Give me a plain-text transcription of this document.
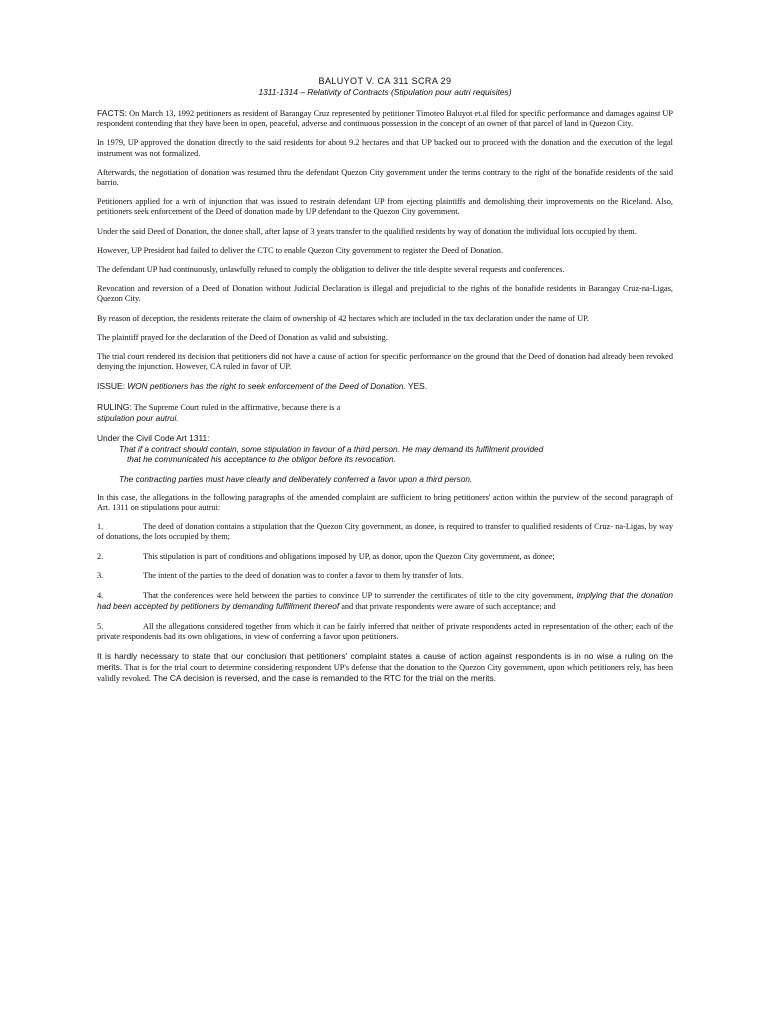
BALUYOT V. CA 311 SCRA 29
1311-1314 – Relativity of Contracts (Stipulation pour autri requisites)

FACTS: On March 13, 1992 petitioners as resident of Barangay Cruz represented by petitioner Timoteo Baluyot et.al filed for specific performance and damages against UP respondent contending that they have been in open, peaceful, adverse and continuous possession in the concept of an owner of that parcel of land in Quezon City.

In 1979, UP approved the donation directly to the said residents for about 9.2 hectares and that UP backed out to proceed with the donation and the execution of the legal instrument was not formalized.

Afterwards, the negotiation of donation was resumed thru the defendant Quezon City government under the terms contrary to the right of the bonafide residents of the said barrio.

Petitioners applied for a writ of injunction that was issued to restrain defendant UP from ejecting plaintiffs and demolishing their improvements on the Riceland. Also, petitioners seek enforcement of the Deed of donation made by UP defendant to the Quezon City government.

Under the said Deed of Donation, the donee shall, after lapse of 3 years transfer to the qualified residents by way of donation the individual lots occupied by them.

However, UP President had failed to deliver the CTC to enable Quezon City government to register the Deed of Donation.

The defendant UP had continuously, unlawfully refused to comply the obligation to deliver the title despite several requests and conferences.

Revocation and reversion of a Deed of Donation without Judicial Declaration is illegal and prejudicial to the rights of the bonafide residents in Barangay Cruz-na-Ligas, Quezon City.

By reason of deception, the residents reiterate the claim of ownership of 42 hectares which are included in the tax declaration under the name of UP.

The plaintiff prayed for the declaration of the Deed of Donation as valid and subsisting.

The trial court rendered its decision that petitioners did not have a cause of action for specific performance on the ground that the Deed of donation had already been revoked denying the injunction. However, CA ruled in favor of UP.

ISSUE: WON petitioners has the right to seek enforcement of the Deed of Donation. YES.

RULING: The Supreme Court ruled in the affirmative, because there is a
stipulation pour autrui.

Under the Civil Code Art 1311:
That if a contract should contain, some stipulation in favour of a third person. He may demand its fulfilment provided
that he communicated his acceptance to the obligor before its revocation.
The contracting parties must have clearly and deliberately conferred a favor upon a third person.

In this case, the allegations in the following paragraphs of the amended complaint are sufficient to bring petitioners' action within the purview of the second paragraph of Art. 1311 on stipulations pour autrui:

1.	The deed of donation contains a stipulation that the Quezon City government, as donee, is required to transfer to qualified residents of Cruz- na-Ligas, by way of donations, the lots occupied by them;
2.	This stipulation is part of conditions and obligations imposed by UP, as donor, upon the Quezon City government, as donee;
3.	The intent of the parties to the deed of donation was to confer a favor to them by transfer of lots.
4.	That the conferences were held between the parties to convince UP to surrender the certificates of title to the city government, implying that the donation had been accepted by petitioners by demanding fulfillment thereof and that private respondents were aware of such acceptance; and
5.	All the allegations considered together from which it can be fairly inferred that neither of private respondents acted in representation of the other; each of the private respondents had its own obligations, in view of conferring a favor upon petitioners.

It is hardly necessary to state that our conclusion that petitioners' complaint states a cause of action against respondents is in no wise a ruling on the merits. That is for the trial court to determine considering respondent UP's defense that the donation to the Quezon City government, upon which petitioners rely, has been validly revoked. The CA decision is reversed, and the case is remanded to the RTC for the trial on the merits.
